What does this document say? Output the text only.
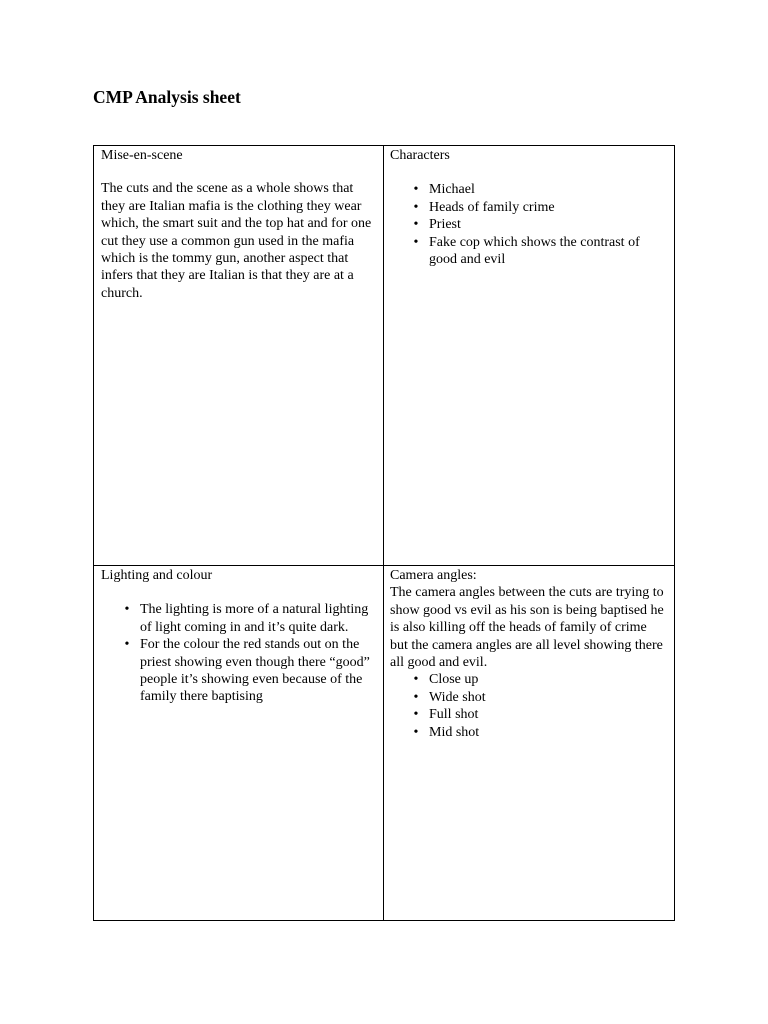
CMP Analysis sheet
Mise-en-scene

The cuts and the scene as a whole shows that they are Italian mafia is the clothing they wear which, the smart suit and the top hat and for one cut they use a common gun used in the mafia which is the tommy gun, another aspect that infers that they are Italian is that they are at a church.

Characters
• Michael
• Heads of family crime
• Priest
• Fake cop which shows the contrast of good and evil
Lighting and colour
• The lighting is more of a natural lighting of light coming in and it’s quite dark.
• For the colour the red stands out on the priest showing even though there “good” people it’s showing even because of the family there baptising
Camera angles:

The camera angles between the cuts are trying to show good vs evil as his son is being baptised he is also killing off the heads of family of crime but the camera angles are all level showing there all good and evil.

• Close up
• Wide shot
• Full shot
• Mid shot
